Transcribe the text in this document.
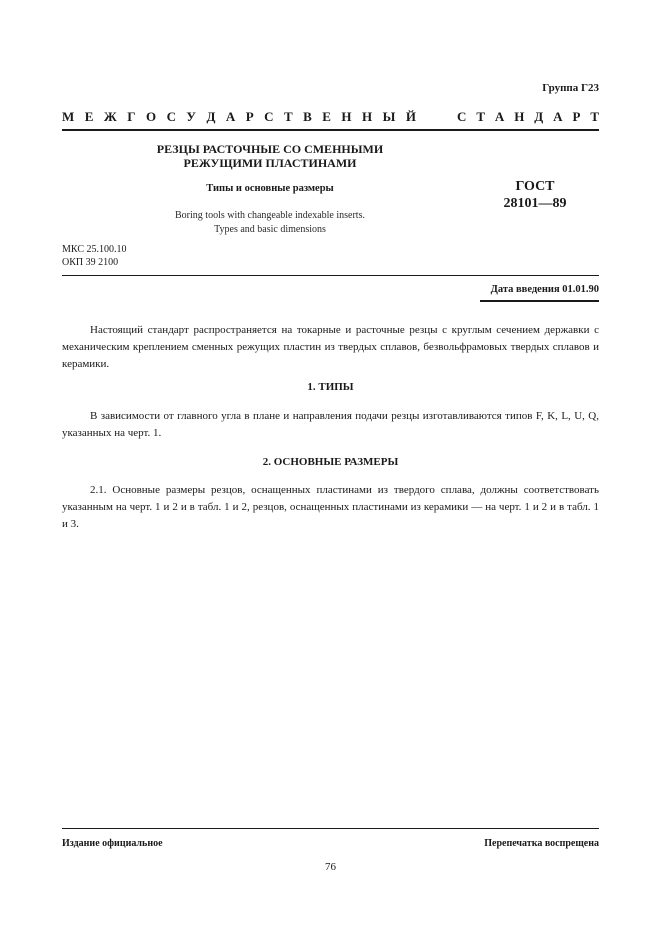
Группа Г23
М Е Ж Г О С У Д А Р С Т В Е Н Н Ы Й	С Т А Н Д А Р Т
РЕЗЦЫ РАСТОЧНЫЕ СО СМЕННЫМИ
РЕЖУЩИМИ ПЛАСТИНАМИ
Типы и основные размеры
Boring tools with changeable indexable inserts.
Types and basic dimensions
ГОСТ
28101—89
МКС 25.100.10
ОКП 39 2100
Дата введения 01.01.90
Настоящий стандарт распространяется на токарные и расточные резцы с круглым сечением державки с механическим креплением сменных режущих пластин из твердых сплавов, безвольфрамовых твердых сплавов и керамики.
1. ТИПЫ
В зависимости от главного угла в плане и направления подачи резцы изготавливаются типов F, K, L, U, Q, указанных на черт. 1.
2. ОСНОВНЫЕ РАЗМЕРЫ
2.1. Основные размеры резцов, оснащенных пластинами из твердого сплава, должны соответствовать указанным на черт. 1 и 2 и в табл. 1 и 2, резцов, оснащенных пластинами из керамики — на черт. 1 и 2 и в табл. 1 и 3.
Издание официальное	Перепечатка воспрещена
76
